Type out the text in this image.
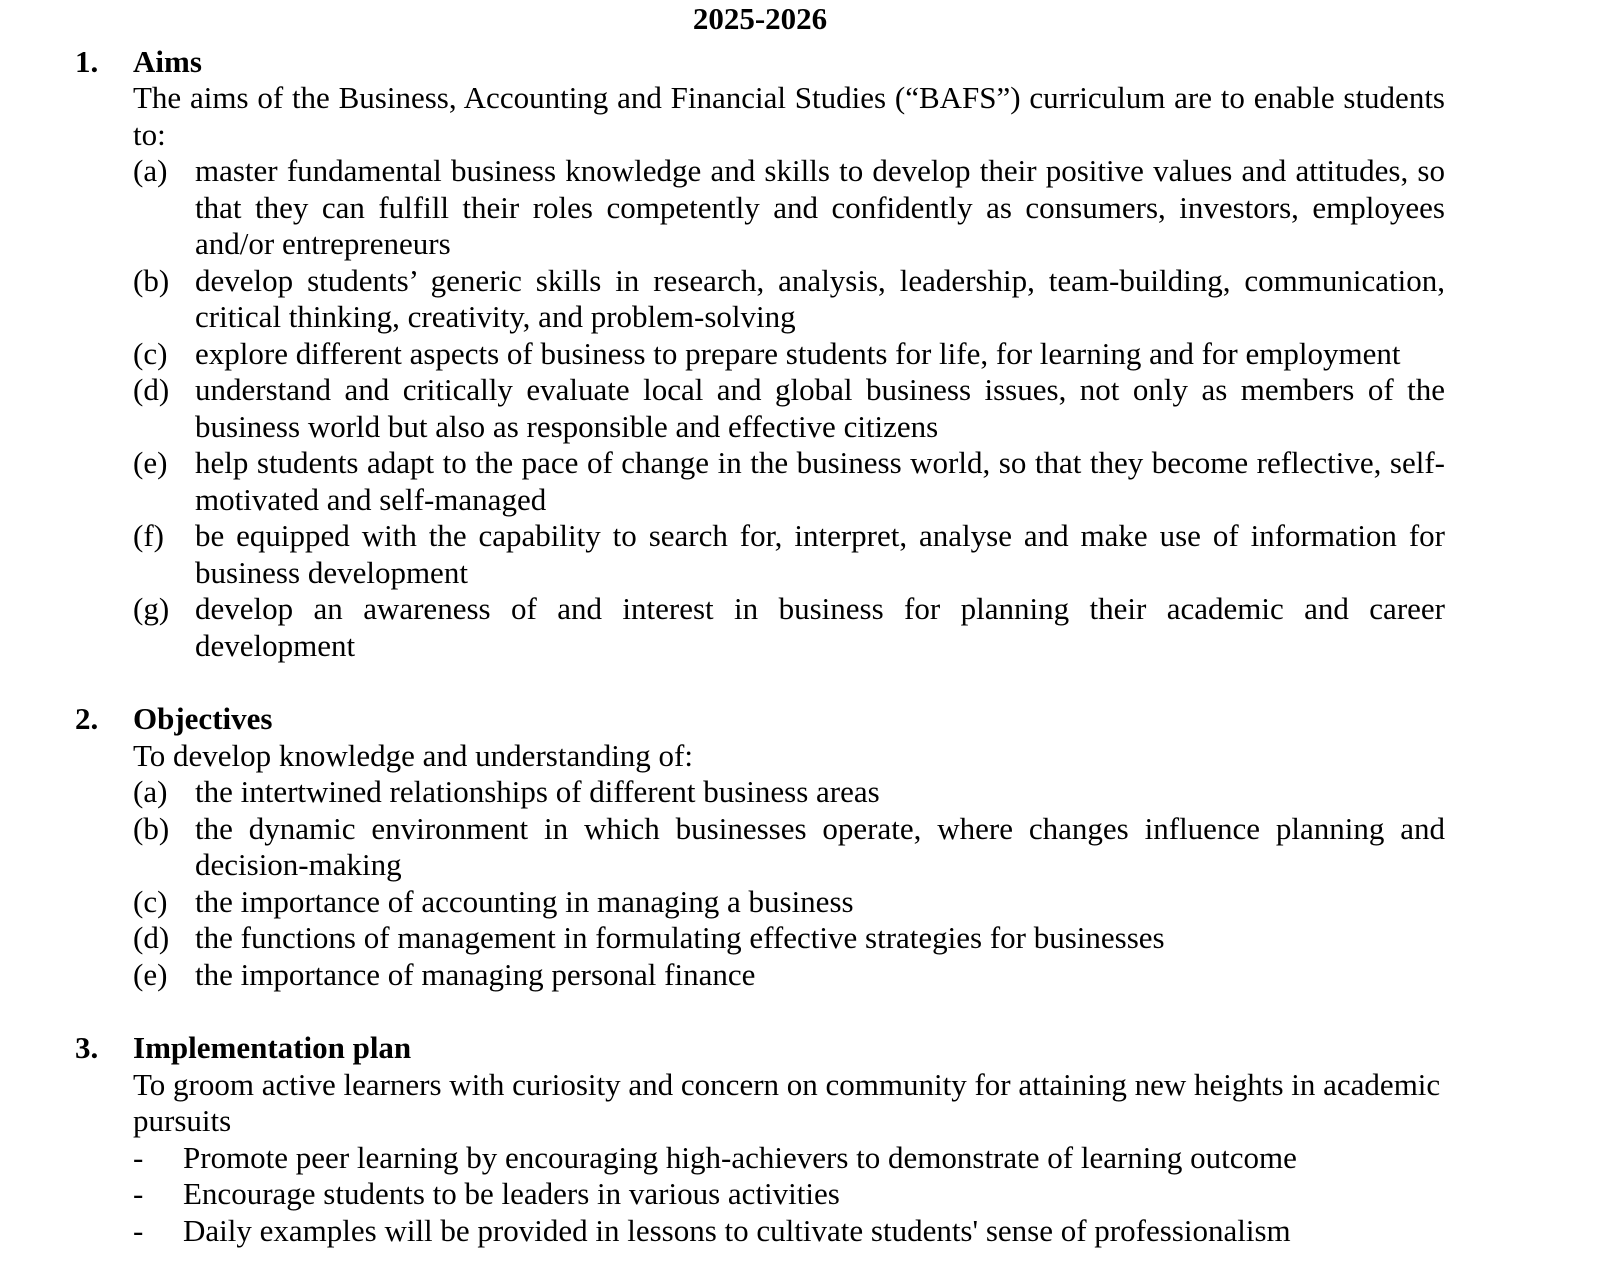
2025-2026
1.	Aims
The aims of the Business, Accounting and Financial Studies (“BAFS”) curriculum are to enable students to:
(a) master fundamental business knowledge and skills to develop their positive values and attitudes, so that they can fulfill their roles competently and confidently as consumers, investors, employees and/or entrepreneurs
(b) develop students’ generic skills in research, analysis, leadership, team-building, communication, critical thinking, creativity, and problem-solving
(c) explore different aspects of business to prepare students for life, for learning and for employment
(d) understand and critically evaluate local and global business issues, not only as members of the business world but also as responsible and effective citizens
(e) help students adapt to the pace of change in the business world, so that they become reflective, self-motivated and self-managed
(f) be equipped with the capability to search for, interpret, analyse and make use of information for business development
(g) develop an awareness of and interest in business for planning their academic and career development
2.	Objectives
To develop knowledge and understanding of:
(a) the intertwined relationships of different business areas
(b) the dynamic environment in which businesses operate, where changes influence planning and decision-making
(c) the importance of accounting in managing a business
(d) the functions of management in formulating effective strategies for businesses
(e) the importance of managing personal finance
3.	Implementation plan
To groom active learners with curiosity and concern on community for attaining new heights in academic pursuits
- Promote peer learning by encouraging high-achievers to demonstrate of learning outcome
- Encourage students to be leaders in various activities
- Daily examples will be provided in lessons to cultivate students' sense of professionalism
